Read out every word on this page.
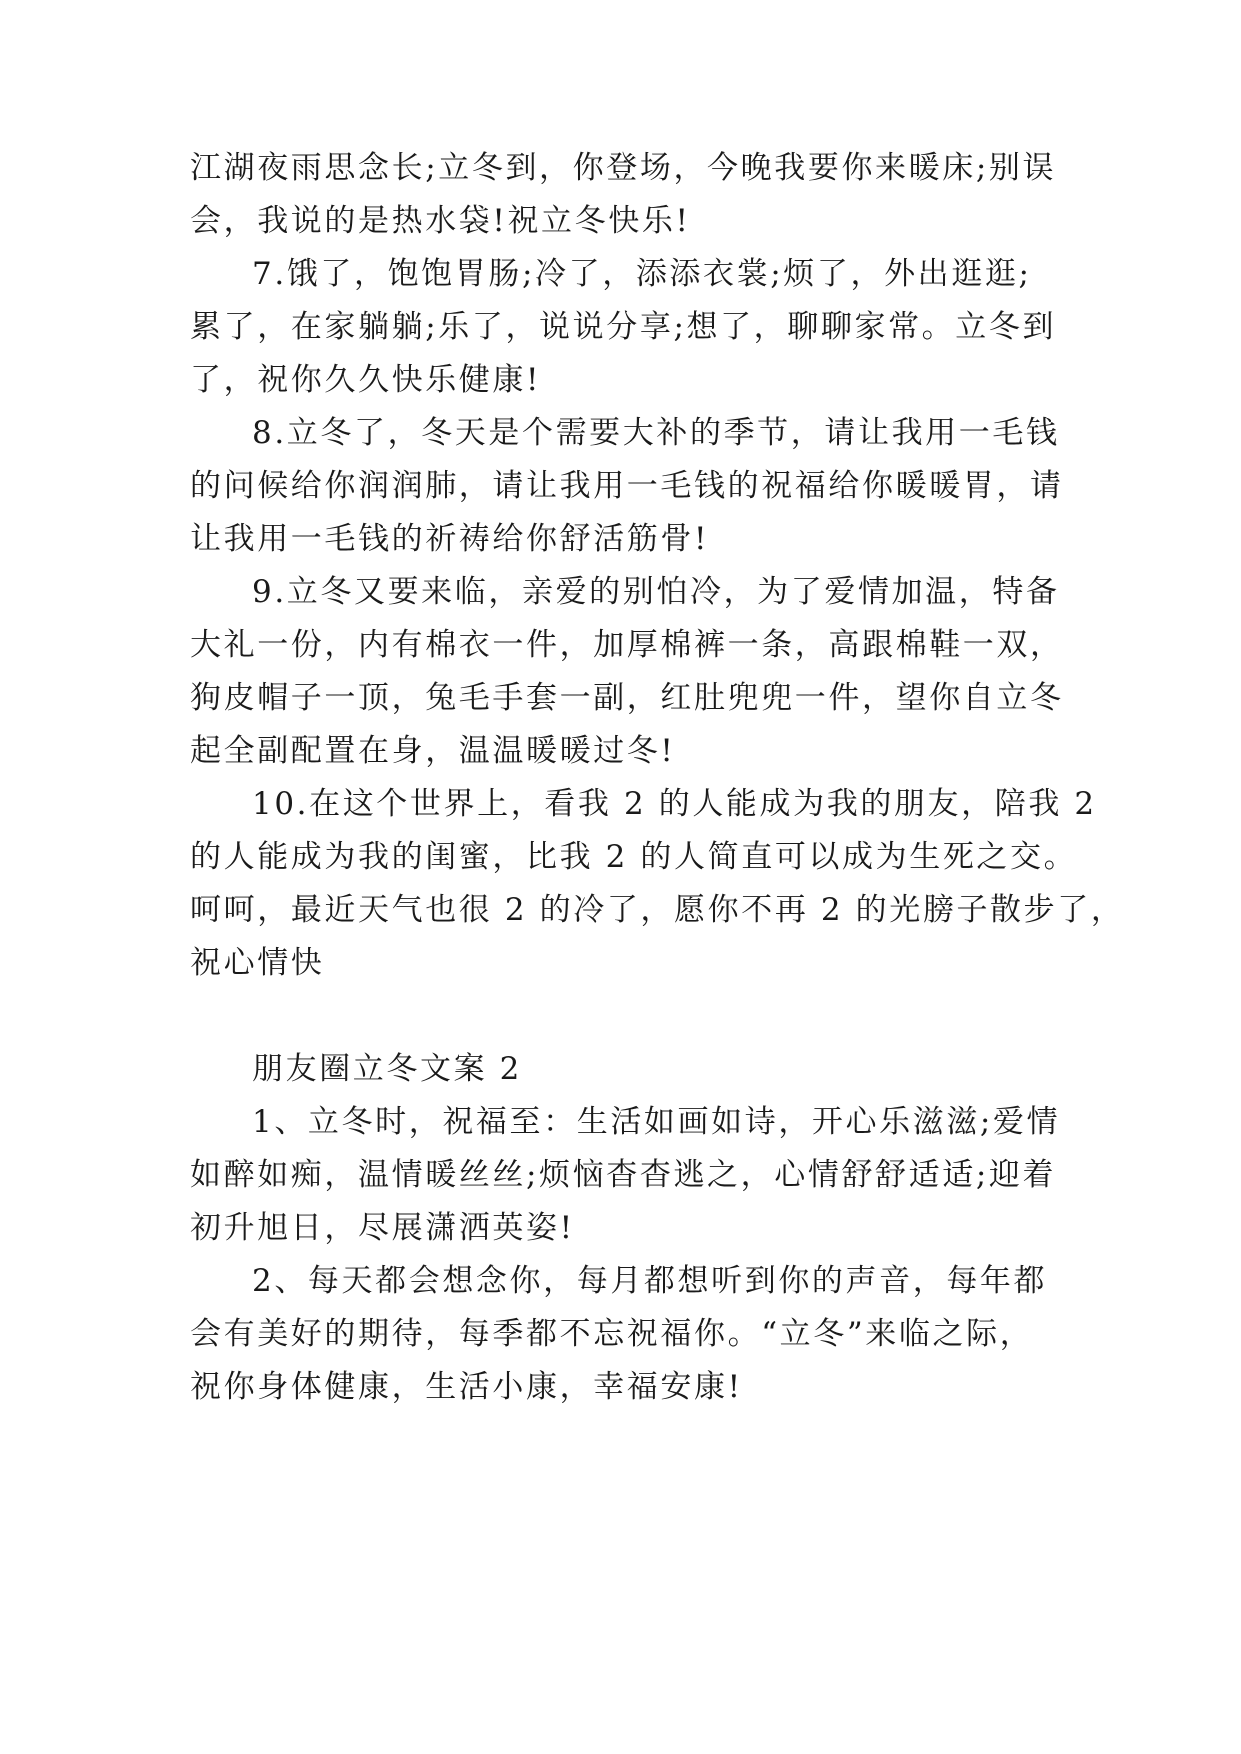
江湖夜雨思念长;立冬到，你登场，今晚我要你来暖床;别误
会，我说的是热水袋!祝立冬快乐!
7.饿了，饱饱胃肠;冷了，添添衣裳;烦了，外出逛逛;
累了，在家躺躺;乐了，说说分享;想了，聊聊家常。立冬到
了，祝你久久快乐健康!
8.立冬了，冬天是个需要大补的季节，请让我用一毛钱
的问候给你润润肺，请让我用一毛钱的祝福给你暖暖胃，请
让我用一毛钱的祈祷给你舒活筋骨!
9.立冬又要来临，亲爱的别怕冷，为了爱情加温，特备
大礼一份，内有棉衣一件，加厚棉裤一条，高跟棉鞋一双，
狗皮帽子一顶，兔毛手套一副，红肚兜兜一件，望你自立冬
起全副配置在身，温温暖暖过冬!
10.在这个世界上，看我 2 的人能成为我的朋友，陪我 2
的人能成为我的闺蜜，比我 2 的人简直可以成为生死之交。
呵呵，最近天气也很 2 的冷了，愿你不再 2 的光膀子散步了，
祝心情快
朋友圈立冬文案 2
1、立冬时，祝福至：生活如画如诗，开心乐滋滋;爱情
如醉如痴，温情暖丝丝;烦恼杳杳逃之，心情舒舒适适;迎着
初升旭日，尽展潇洒英姿!
2、每天都会想念你，每月都想听到你的声音，每年都
会有美好的期待，每季都不忘祝福你。“立冬”来临之际，
祝你身体健康，生活小康，幸福安康!
